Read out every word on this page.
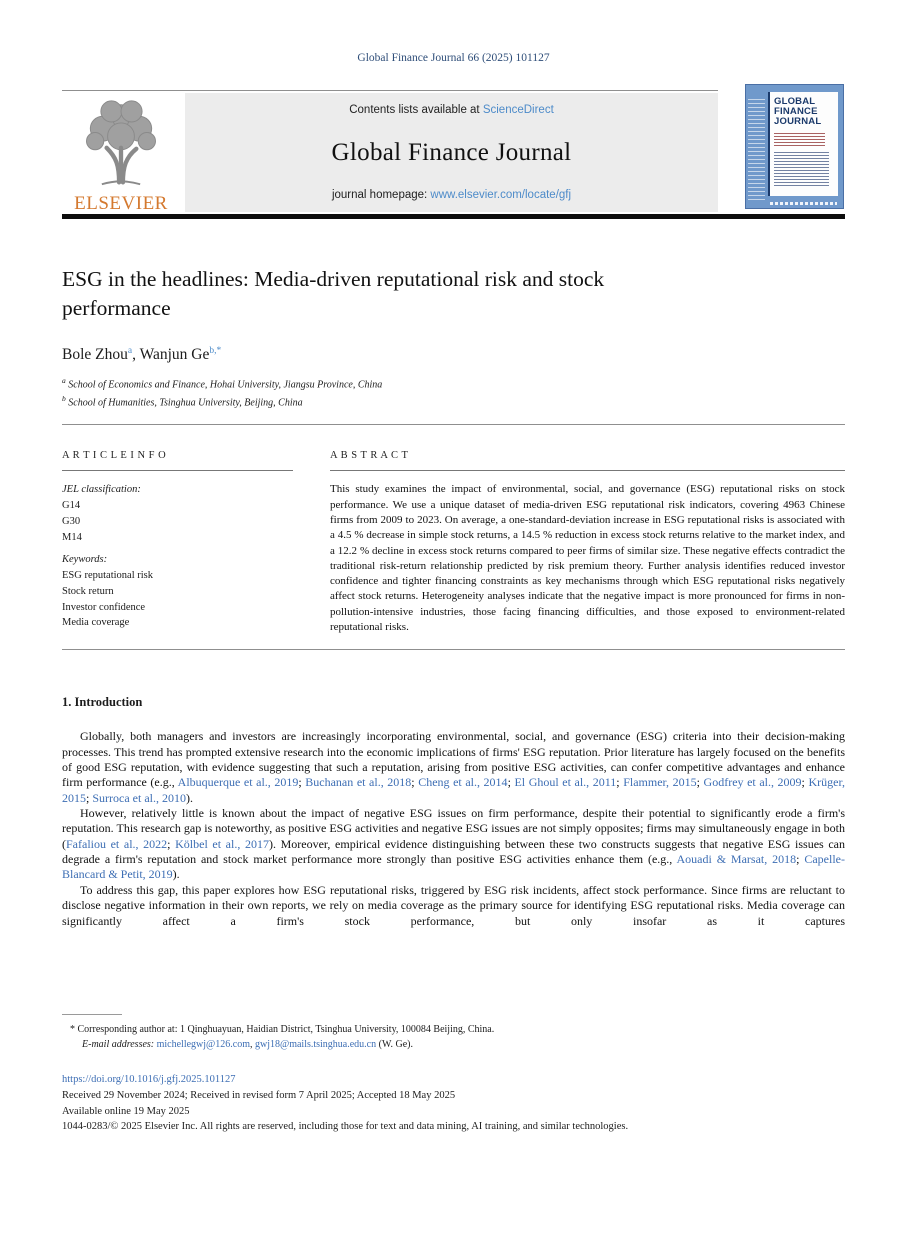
Global Finance Journal 66 (2025) 101127
ELSEVIER
Contents lists available at ScienceDirect
Global Finance Journal
journal homepage: www.elsevier.com/locate/gfj
GLOBAL
FINANCE
JOURNAL
ESG in the headlines: Media-driven reputational risk and stock performance
Bole Zhou$^a$, Wanjun $Ge^{b,*}$
$^a$ School of Economics and Finance, Hohai University, Jiangsu Province, China
$^b$ School of Humanities, Tsinghua University, Beijing, China
A R T I C L E I N F O
JEL classification:
G14
G30
M14
Keywords:
ESG reputational risk
Stock return
Investor confidence
Media coverage
A B S T R A C T
This study examines the impact of environmental, social, and governance (ESG) reputational risks on stock performance. We use a unique dataset of media-driven ESG reputational risk indicators, covering 4963 Chinese firms from 2009 to 2023. On average, a one-standard-deviation increase in ESG reputational risks is associated with a 4.5 % decrease in simple stock returns, a 14.5 % reduction in excess stock returns relative to the market index, and a 12.2 % decline in excess stock returns compared to peer firms of similar size. These negative effects contradict the traditional risk-return relationship predicted by risk premium theory. Further analysis identifies reduced investor confidence and tighter financing constraints as key mechanisms through which ESG reputational risks negatively affect stock returns. Heterogeneity analyses indicate that the negative impact is more pronounced for firms in non-pollution-intensive industries, those facing financing difficulties, and those exposed to environment-related reputational risks.
1. Introduction

Globally, both managers and investors are increasingly incorporating environmental, social, and governance (ESG) criteria into their decision-making processes. This trend has prompted extensive research into the economic implications of firms' ESG reputation. Prior literature has largely focused on the benefits of good ESG reputation, with evidence suggesting that such a reputation, arising from positive ESG activities, can confer competitive advantages and enhance firm performance (e.g., Albuquerque et al., 2019; Buchanan et al., 2018; Cheng et al., 2014; El Ghoul et al., 2011; Flammer, 2015; Godfrey et al., 2009; Krüger, 2015; Surroca et al., 2010).

However, relatively little is known about the impact of negative ESG issues on firm performance, despite their potential to significantly erode a firm's reputation. This research gap is noteworthy, as positive ESG activities and negative ESG issues are not simply opposites; firms may simultaneously engage in both (Fafaliou et al., 2022; Kölbel et al., 2017). Moreover, empirical evidence distinguishing between these two constructs suggests that negative ESG issues can degrade a firm's reputation and stock market performance more strongly than positive ESG activities enhance them (e.g., Aouadi & Marsat, 2018; Capelle-Blancard & Petit, 2019).

To address this gap, this paper explores how ESG reputational risks, triggered by ESG risk incidents, affect stock performance. Since firms are reluctant to disclose negative information in their own reports, we rely on media coverage as the primary source for identifying ESG reputational risks. Media coverage can significantly affect a firm's stock performance, but only insofar as it captures

* Corresponding author at: 1 Qinghuayuan, Haidian District, Tsinghua University, 100084 Beijing, China.
E-mail addresses: michellegwj@126.com, gwj18@mails.tsinghua.edu.cn (W. Ge).
https://doi.org/10.1016/j.gfj.2025.101127
Received 29 November 2024; Received in revised form 7 April 2025; Accepted 18 May 2025
Available online 19 May 2025
1044-0283/© 2025 Elsevier Inc. All rights are reserved, including those for text and data mining, AI training, and similar technologies.
